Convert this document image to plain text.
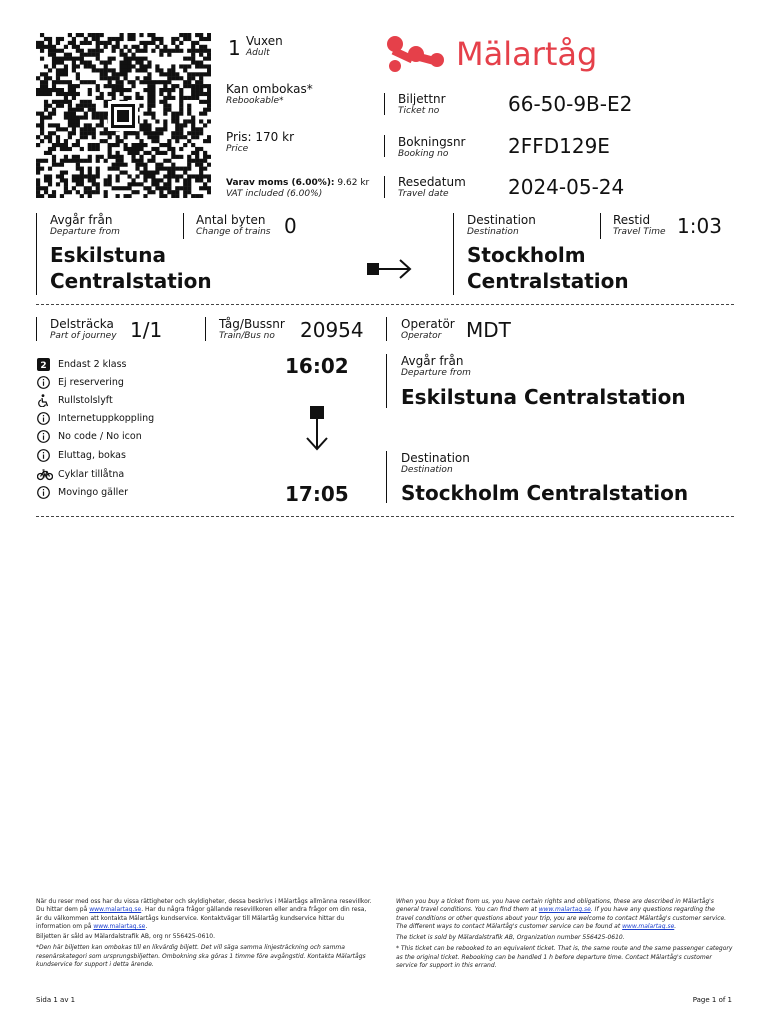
1 Vuxen
Adult
Kan ombokas*
Rebookable*
Pris: 170 kr
Price
Varav moms (6.00%): 9.62 kr
VAT included (6.00%)
Mälartåg
Biljettnr
Ticket no	66-50-9B-E2
Bokningsnr
Booking no	2FFD129E
Resedatum
Travel date	2024-05-24
Avgår från
Departure from
Eskilstuna
Centralstation
Antal byten
Change of trains 0	Destination
Destination
Stockholm
Centralstation
Restid
Travel Time 1:03
Delsträcka
Part of journey 1/1	Tåg/Bussnr
Train/Bus no	20954	Operatör
Operator	MDT
2 Endast 2 klass
Ej reservering
Rullstolslyft
Internetuppkoppling
No code / No icon
Eluttag, bokas
Cyklar tillåtna
Movingo gäller
16:02
17:05
Avgår från
Departure from
Eskilstuna Centralstation
Destination
Destination
Stockholm Centralstation

När du reser med oss har du vissa rättigheter och skyldigheter, dessa beskrivs i Mälartågs allmänna reseviIlkor. Du hittar dem på www.malartag.se. Har du några frågor gällande reseviIlkoren eller andra frågor om din resa, är du välkommen att kontakta Mälartågs kundservice. Kontaktvägar till Mälartåg kundservice hittar du information om på www.malartag.se.

Biljetten är såld av Mälardalstrafik AB, org nr 556425-0610.

*Den här biljetten kan ombokas till en likvärdig biljett. Det vill säga samma linjesträckning och samma resenärskategori som ursprungsbiljetten. Ombokning ska göras 1 timme före avgångstid. Kontakta Mälartågs kundservice for support i detta ärende.

When you buy a ticket from us, you have certain rights and obligations, these are described in Mälartåg's general travel conditions. You can find them at www.malartag.se. If you have any questions regarding the travel conditions or other questions about your trip, you are welcome to contact Mälartåg's customer service. The different ways to contact Mälartåg's customer service can be found at www.malartag.se.

The ticket is sold by Mälardalstrafik AB, Organization number 556425-0610.

* This ticket can be rebooked to an equivalent ticket. That is, the same route and the same passenger category as the original ticket. Rebooking can be handled 1 h before departure time. Contact Mälartåg's customer service for support in this errand.

Sida 1 av 1	Page 1 of 1
